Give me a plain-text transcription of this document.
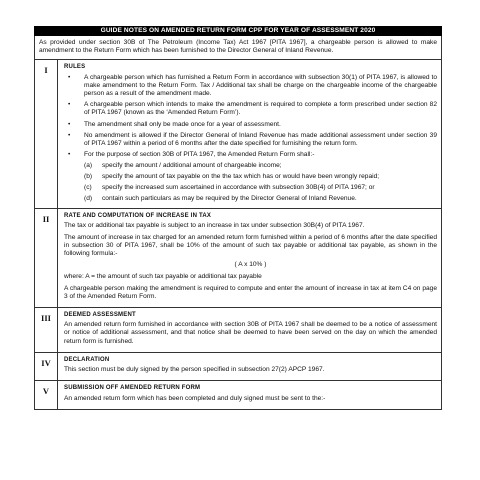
GUIDE NOTES ON AMENDED RETURN FORM CPP FOR YEAR OF ASSESSMENT 2020
As provided under section 30B of The Petroleum (Income Tax) Act 1967 [PITA 1967], a chargeable person is allowed to make amendment to the Return Form which has been furnished to the Director General of Inland Revenue.
I	RULES
• A chargeable person which has furnished a Return Form in accordance with subsection 30(1) of PITA 1967, is allowed to make amendment to the Return Form. Tax / Additional tax shall be charge on the chargeable income of the chargeable person as a result of the amendment made.
• A chargeable person which intends to make the amendment is required to complete a form prescribed under section 82 of PITA 1967 (known as the ‘Amended Return Form’).
• The amendment shall only be made once for a year of assessment.
• No amendment is allowed if the Director General of Inland Revenue has made additional assessment under section 39 of PITA 1967 within a period of 6 months after the date specified for furnishing the return form.
• For the purpose of section 30B of PITA 1967, the Amended Return Form shall:-
(a) specify the amount / additional amount of chargeable income;
(b) specify the amount of tax payable on the the tax which has or would have been wrongly repaid;
(c) specify the increased sum ascertained in accordance with subsection 30B(4) of PITA 1967; or
(d) contain such particulars as may be required by the Director General of Inland Revenue.
II	RATE AND COMPUTATION OF INCREASE IN TAX

The tax or additional tax payable is subject to an increase in tax under subsection 30B(4) of PITA 1967.

The amount of increase in tax charged for an amended return form furnished within a period of 6 months after the date specified in subsection 30 of PITA 1967, shall be 10% of the amount of such tax payable or additional tax payable, as shown in the following formula:-

( A x 10% )

where: A = the amount of such tax payable or additional tax payable

A chargeable person making the amendment is required to compute and enter the amount of increase in tax at item C4 on page 3 of the Amended Return Form.

III	DEEMED ASSESSMENT

An amended return form furnished in accordance with section 30B of PITA 1967 shall be deemed to be a notice of assessment or notice of additional assessment, and that notice shall be deemed to have been served on the day on which the amended return form is furnished.

IV	DECLARATION

This section must be duly signed by the person specified in subsection 27(2) APCP 1967.

V	SUBMISSION OFF AMENDED RETURN FORM

An amended return form which has been completed and duly signed must be sent to the:-
